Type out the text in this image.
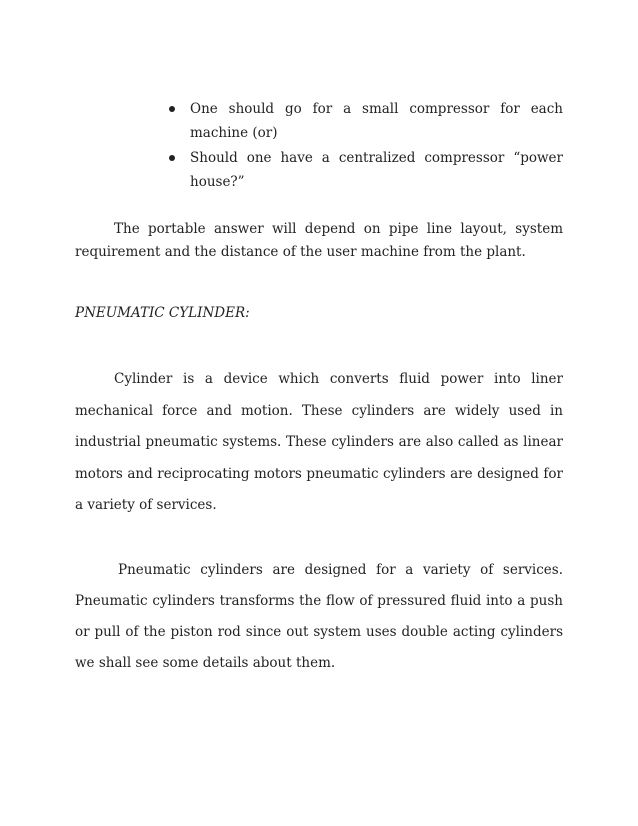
One should go for a small compressor for each machine (or)
Should one have a centralized compressor “power house?”

The portable answer will depend on pipe line layout, system requirement and the distance of the user machine from the plant.

PNEUMATIC CYLINDER:

Cylinder is a device which converts fluid power into liner mechanical force and motion. These cylinders are widely used in industrial pneumatic systems. These cylinders are also called as linear motors and reciprocating motors pneumatic cylinders are designed for a variety of services.

Pneumatic cylinders are designed for a variety of services. Pneumatic cylinders transforms the flow of pressured fluid into a push or pull of the piston rod since out system uses double acting cylinders we shall see some details about them.
